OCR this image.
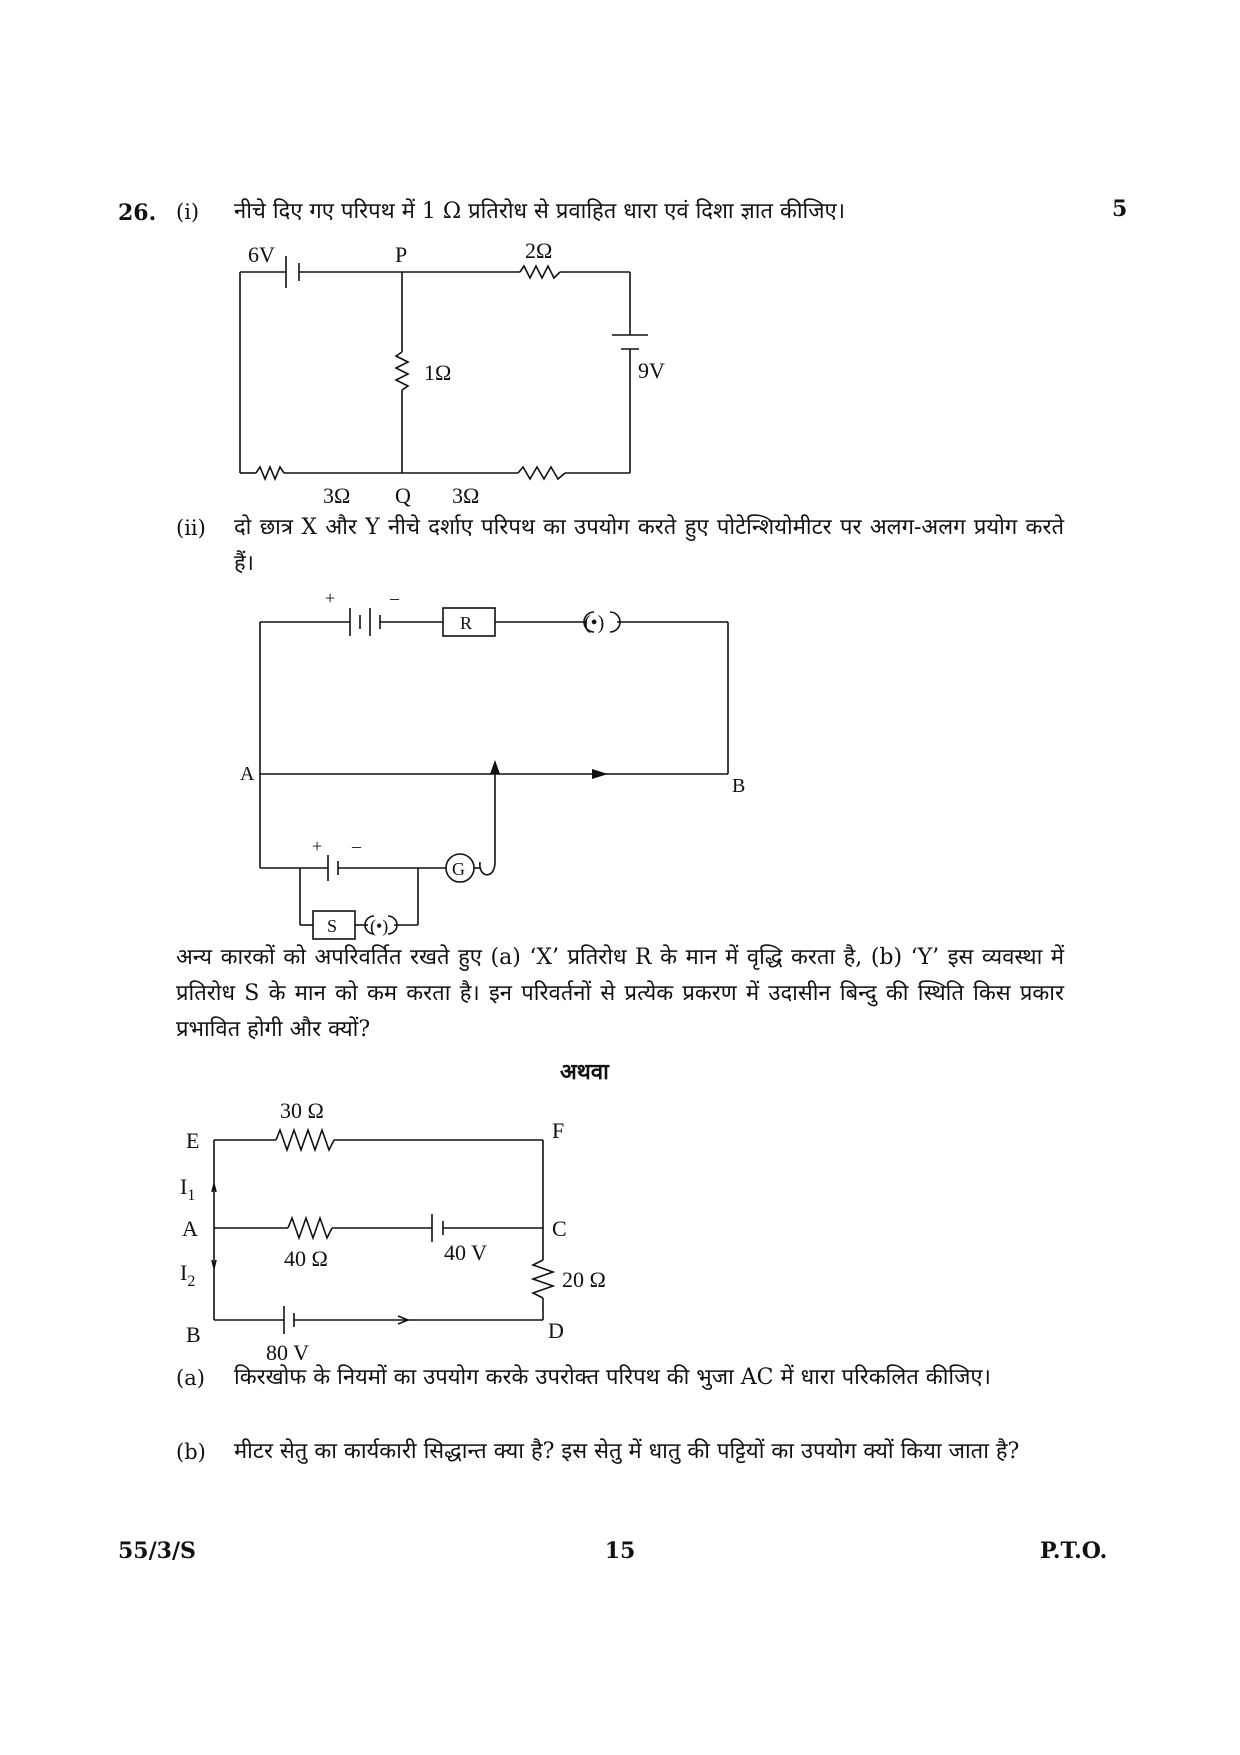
26.	5
(i) नीचे दिए गए परिपथ में 1 Ω प्रतिरोध से प्रवाहित धारा एवं दिशा ज्ञात कीजिए।
6V	P	2Ω
1Ω	9V
3Ω Q 3Ω
(ii) दो छात्र X और Y नीचे दर्शाए परिपथ का उपयोग करते हुए पोटेन्शियोमीटर पर अलग-अलग प्रयोग करते हैं।
+	–
R	(•)
A
B
+ –
G
S (•)
अन्य कारकों को अपरिवर्तित रखते हुए (a) ‘X’ प्रतिरोध R के मान में वृद्धि करता है, (b) ‘Y’ इस व्यवस्था में प्रतिरोध S के मान को कम करता है। इन परिवर्तनों से प्रत्येक प्रकरण में उदासीन बिन्दु की स्थिति किस प्रकार प्रभावित होगी और क्यों?
अथवा
30 Ω
E	F
$I_1$
A	C
40 Ω	40 V
$I_2$	20 Ω
B	D
80 V
(a) किरखोफ के नियमों का उपयोग करके उपरोक्त परिपथ की भुजा AC में धारा परिकलित कीजिए।
(b) मीटर सेतु का कार्यकारी सिद्धान्त क्या है? इस सेतु में धातु की पट्टियों का उपयोग क्यों किया जाता है?
55/3/S	15	P.T.O.
